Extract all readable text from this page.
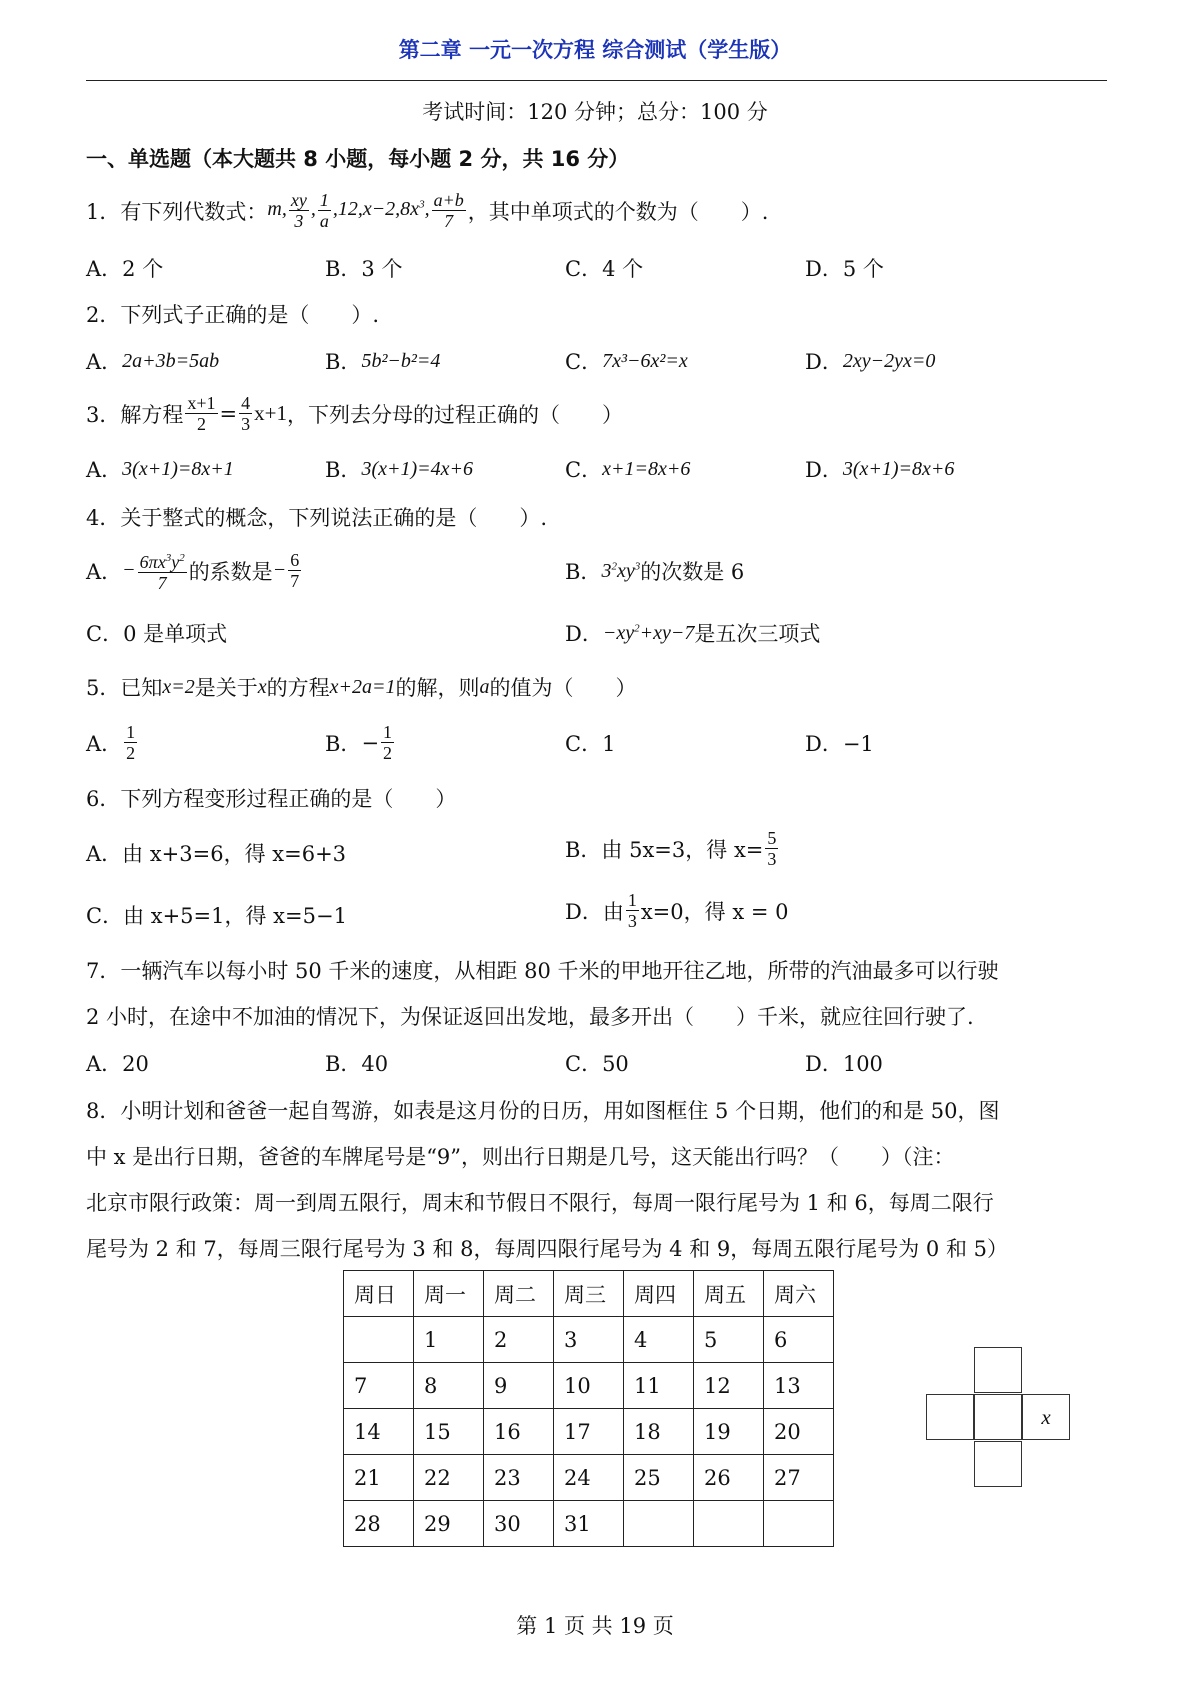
第二章 一元一次方程 综合测试（学生版）
考试时间：120 分钟；总分：100 分
一、单选题（本大题共 8 小题，每小题 2 分，共 16 分）
1．有下列代数式： m, $\frac{xy}{3}$ , $\frac{1}{a} ,12,x-2,8x^3$, $\frac{a+b}{7}$ ，其中单项式的个数为（　　）.
A．2 个	B．3 个	C．4 个	D．5 个
2．下列式子正确的是（　　）.
A． 2a+3b=5ab	B． 5b²−b²=4	C． 7x³−6x²=x	D． 2xy−2yx=0
3．解方程 $\frac{x+1}{2} = \frac{4}{3} x+1$ ，下列去分母的过程正确的（　　）
A． 3(x+1)=8x+1	B． 3(x+1)=4x+6	C． x+1=8x+6	D． 3(x+1)=8x+6
4．关于整式的概念，下列说法正确的是（　　）.
A． − $\frac{6\pi x^3y^2}{7}$ 的系数是 − $\frac{6}{7}$	B． $3^2xy^3$ 的次数是 6
C．0 是单项式	D． $-xy^2+xy-7$ 是五次三项式
5．已知 x=2 是关于 x 的方程 x+2a=1 的解，则 a 的值为（　　）
A． $\frac{1}{2}$	B． − $\frac{1}{2}$	C．1	D．−1
6．下列方程变形过程正确的是（　　）
A．由 x+3=6，得 x=6+3	B．由 5x=3，得 $x= \frac{5}{3}$
C．由 x+5=1，得 x=5−1	D．由 $\frac{1}{3} x=0$，得 x = 0
7．一辆汽车以每小时 50 千米的速度，从相距 80 千米的甲地开往乙地，所带的汽油最多可以行驶
2 小时，在途中不加油的情况下，为保证返回出发地，最多开出（　　）千米，就应往回行驶了.
A．20	B．40	C．50	D．100
8．小明计划和爸爸一起自驾游，如表是这月份的日历，用如图框住 5 个日期，他们的和是 50，图
中 x 是出行日期，爸爸的车牌尾号是“9”，则出行日期是几号，这天能出行吗？（　　）（注：
北京市限行政策：周一到周五限行，周末和节假日不限行，每周一限行尾号为 1 和 6，每周二限行
尾号为 2 和 7，每周三限行尾号为 3 和 8，每周四限行尾号为 4 和 9，每周五限行尾号为 0 和 5）
周日	周一	周二	周三	周四	周五	周六
	1	2	3	4	5	6
7	8	9	10	11	12	13
14	15	16	17	18	19	20
21	22	23	24	25	26	27
28	29	30	31			
x
第 1 页 共 19 页
